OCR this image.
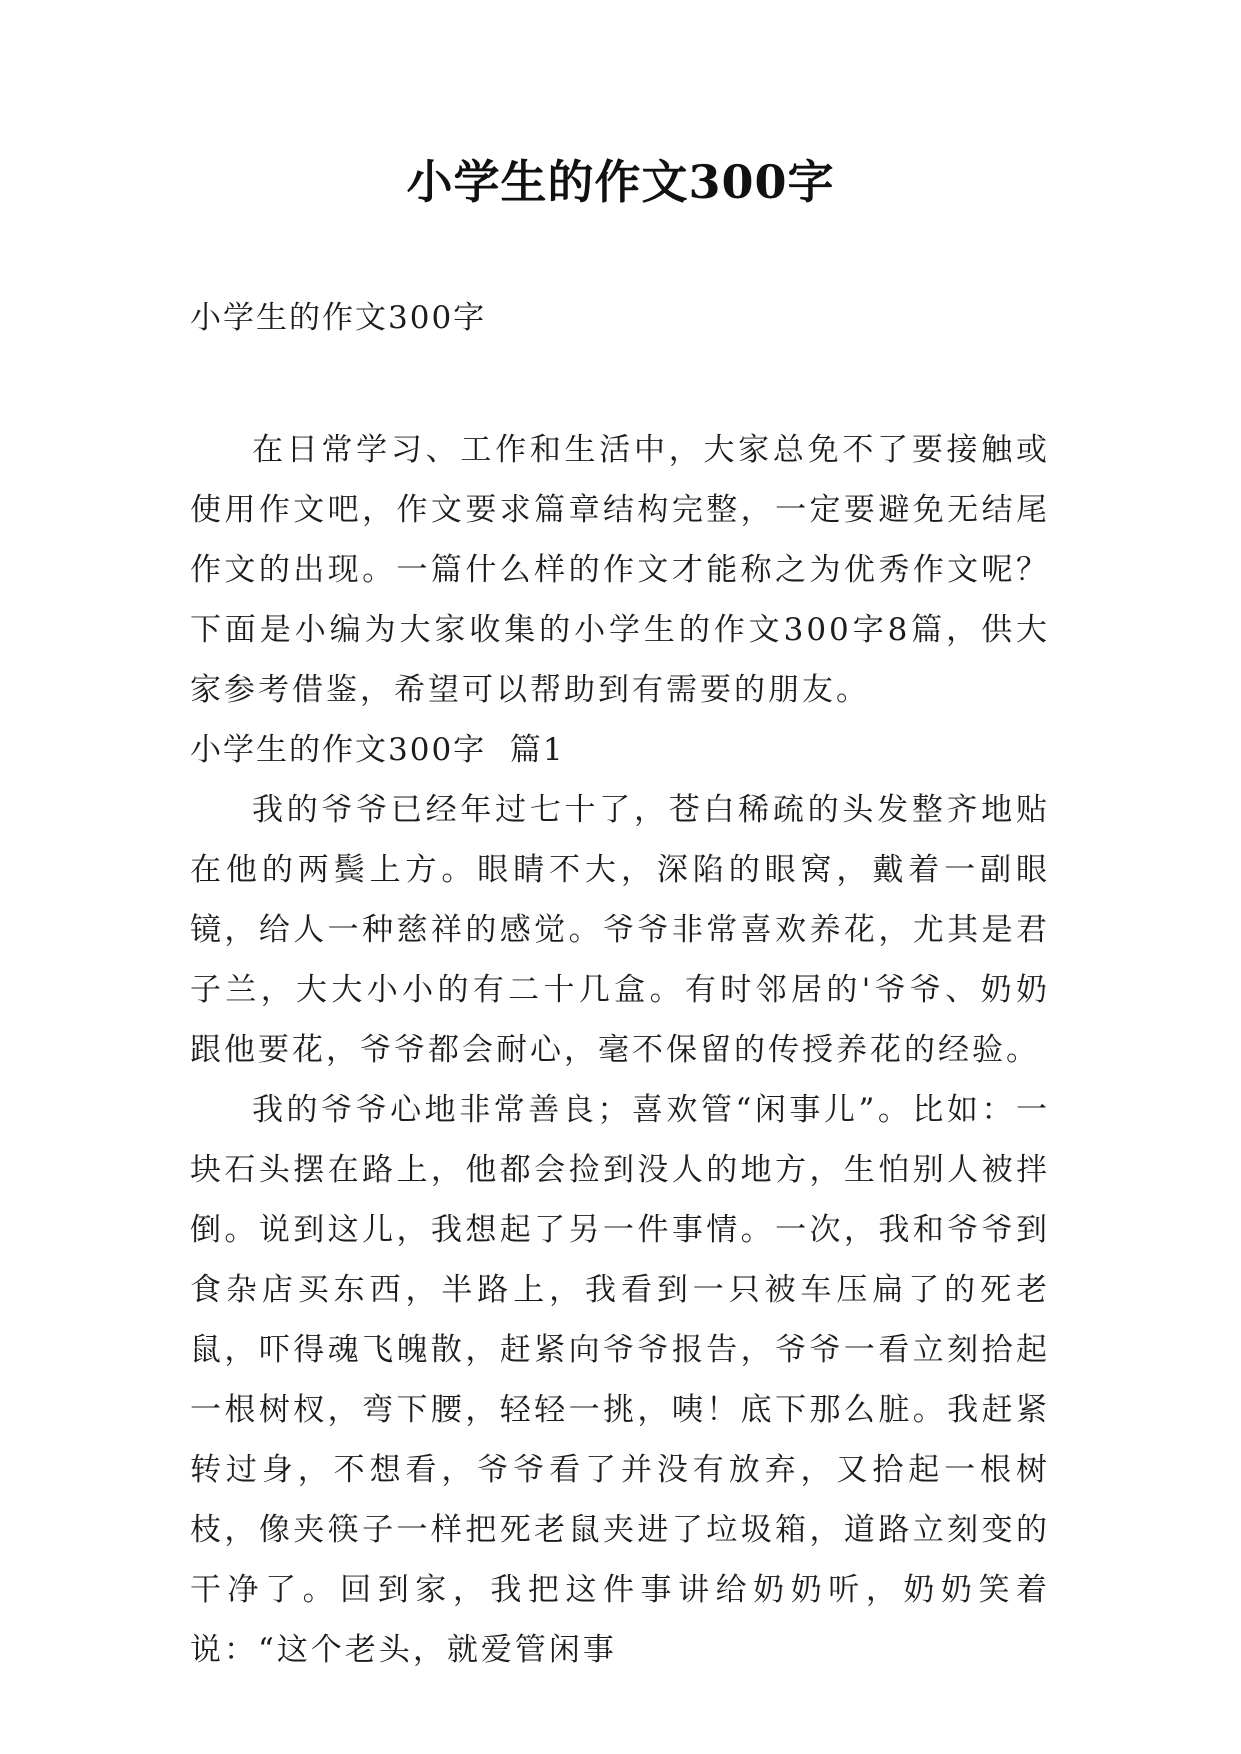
小学生的作文300字

小学生的作文300字

在日常学习、工作和生活中，大家总免不了要接触或使用作文吧，作文要求篇章结构完整，一定要避免无结尾作文的出现。一篇什么样的作文才能称之为优秀作文呢？下面是小编为大家收集的小学生的作文300字8篇，供大家参考借鉴，希望可以帮助到有需要的朋友。

小学生的作文300字  篇1

我的爷爷已经年过七十了，苍白稀疏的头发整齐地贴在他的两鬓上方。眼睛不大，深陷的眼窝，戴着一副眼镜，给人一种慈祥的感觉。爷爷非常喜欢养花，尤其是君子兰，大大小小的有二十几盒。有时邻居的'爷爷、奶奶跟他要花，爷爷都会耐心，毫不保留的传授养花的经验。

我的爷爷心地非常善良；喜欢管“闲事儿”。比如：一块石头摆在路上，他都会捡到没人的地方，生怕别人被拌倒。说到这儿，我想起了另一件事情。一次，我和爷爷到食杂店买东西，半路上，我看到一只被车压扁了的死老鼠，吓得魂飞魄散，赶紧向爷爷报告，爷爷一看立刻拾起一根树杈，弯下腰，轻轻一挑，咦！底下那么脏。我赶紧转过身，不想看，爷爷看了并没有放弃，又拾起一根树枝，像夹筷子一样把死老鼠夹进了垃圾箱，道路立刻变的干净了。回到家，我把这件事讲给奶奶听，奶奶笑着说：“这个老头，就爱管闲事
